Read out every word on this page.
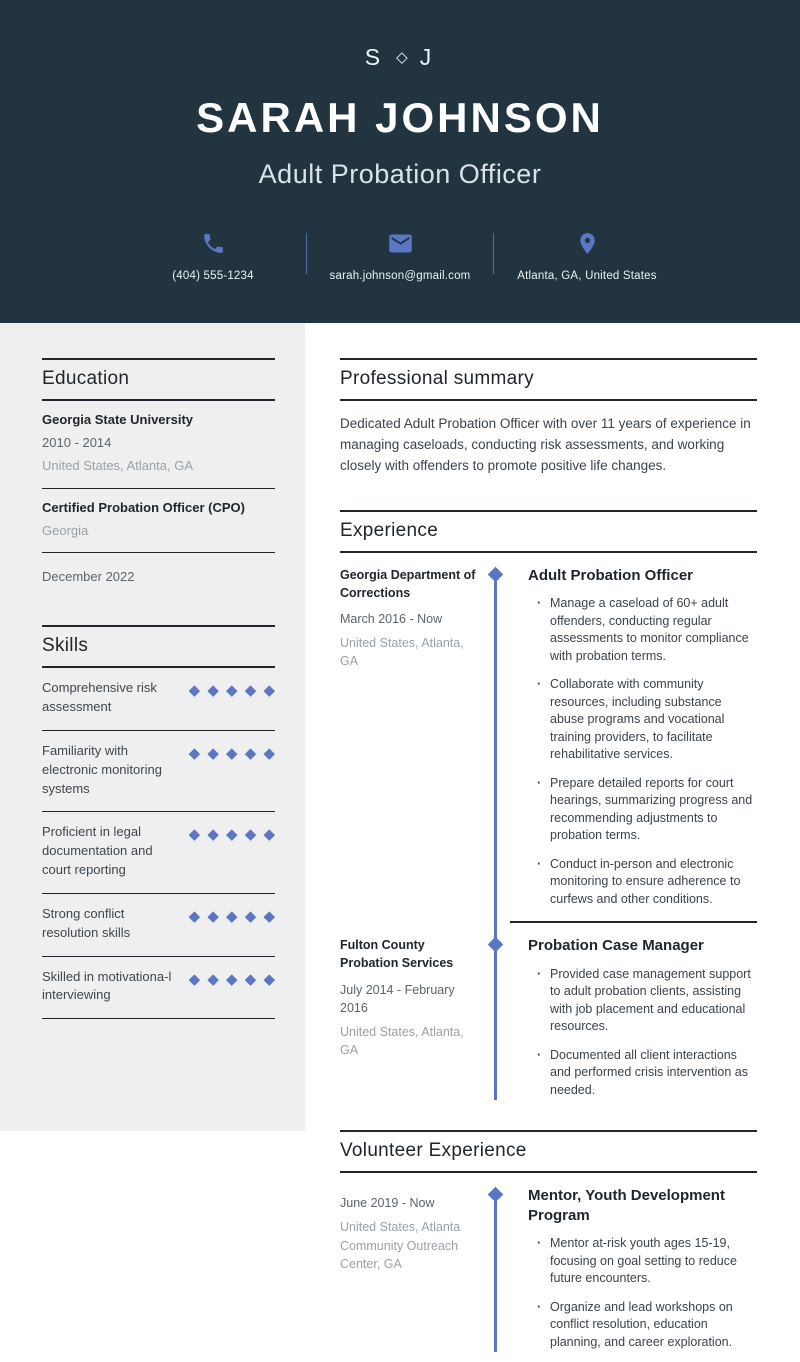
S ◇ J
SARAH JOHNSON
Adult Probation Officer
(404) 555-1234	sarah.johnson@gmail.com	Atlanta, GA, United States
Education
Georgia State University
2010 - 2014
United States, Atlanta, GA
Certified Probation Officer (CPO)
Georgia
December 2022
Skills
Comprehensive risk assessment
◆ ◆ ◆ ◆ ◆
Familiarity with electronic monitoring systems
◆ ◆ ◆ ◆ ◆
Proficient in legal documentation and court reporting
◆ ◆ ◆ ◆ ◆
Strong conflict resolution skills
◆ ◆ ◆ ◆ ◆
Skilled in motivationa-l interviewing
◆ ◆ ◆ ◆ ◆
Professional summary

Dedicated Adult Probation Officer with over 11 years of experience in managing caseloads, conducting risk assessments, and working closely with offenders to promote positive life changes.

Experience
Georgia Department of Corrections
March 2016 - Now
United States, Atlanta, GA
Adult Probation Officer
· Manage a caseload of 60+ adult offenders, conducting regular assessments to monitor compliance with probation terms.
· Collaborate with community resources, including substance abuse programs and vocational training providers, to facilitate rehabilitative services.
· Prepare detailed reports for court hearings, summarizing progress and recommending adjustments to probation terms.
· Conduct in-person and electronic monitoring to ensure adherence to curfews and other conditions.
Fulton County Probation Services
July 2014 - February 2016
United States, Atlanta, GA
Probation Case Manager
· Provided case management support to adult probation clients, assisting with job placement and educational resources.
· Documented all client interactions and performed crisis intervention as needed.
Volunteer Experience
June 2019 - Now
United States, Atlanta Community Outreach Center, GA
Mentor, Youth Development Program
· Mentor at-risk youth ages 15-19, focusing on goal setting to reduce future encounters.
· Organize and lead workshops on conflict resolution, education planning, and career exploration.
